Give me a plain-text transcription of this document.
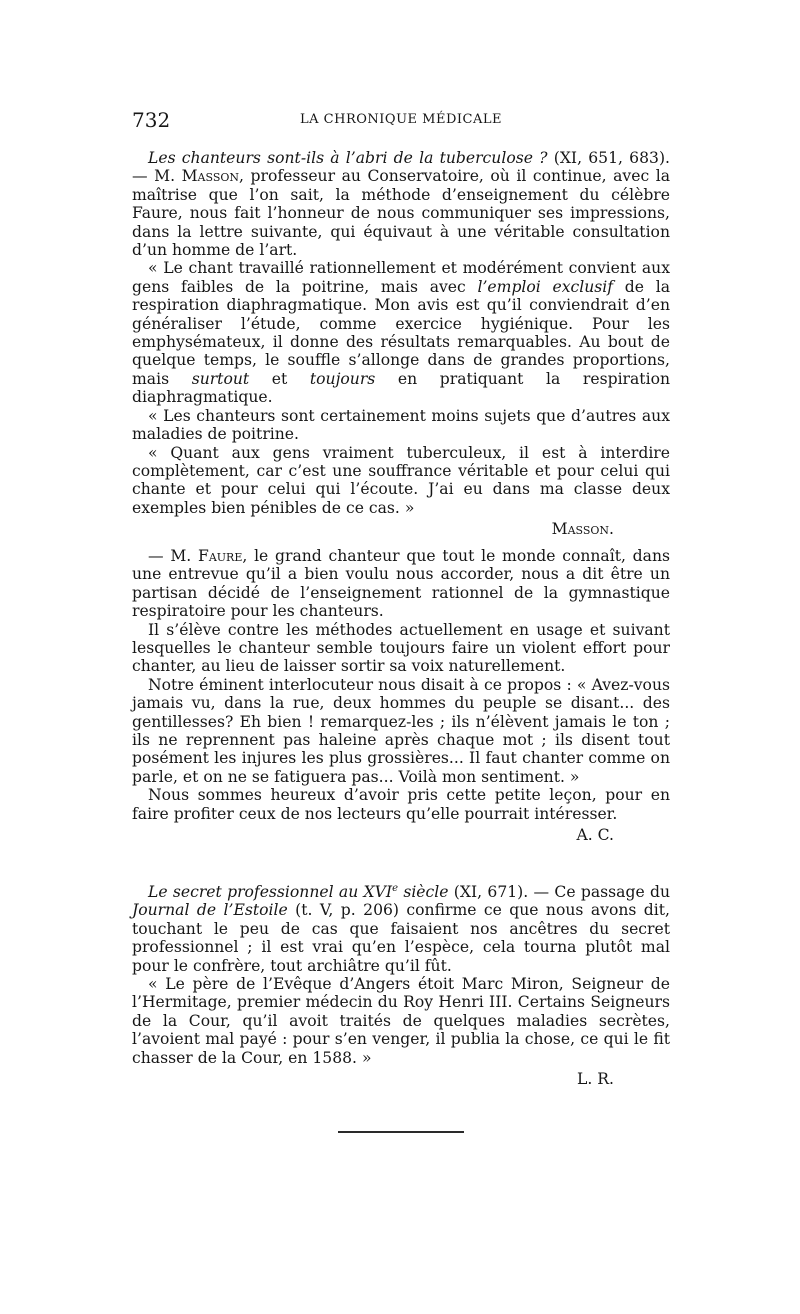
732	LA CHRONIQUE MÉDICALE

Les chanteurs sont-ils à l’abri de la tuberculose ? (XI, 651, 683). — M. Masson, professeur au Conservatoire, où il continue, avec la maîtrise que l’on sait, la méthode d’enseignement du célèbre Faure, nous fait l’honneur de nous communiquer ses impressions, dans la lettre suivante, qui équivaut à une véritable consultation d’un homme de l’art.

« Le chant travaillé rationnellement et modérément convient aux gens faibles de la poitrine, mais avec l’emploi exclusif de la respiration diaphragmatique. Mon avis est qu’il conviendrait d’en généraliser l’étude, comme exercice hygiénique. Pour les emphysémateux, il donne des résultats remarquables. Au bout de quelque temps, le souffle s’allonge dans de grandes proportions, mais surtout et toujours en pratiquant la respiration diaphragmatique.

« Les chanteurs sont certainement moins sujets que d’autres aux maladies de poitrine.

« Quant aux gens vraiment tuberculeux, il est à interdire complètement, car c’est une souffrance véritable et pour celui qui chante et pour celui qui l’écoute. J’ai eu dans ma classe deux exemples bien pénibles de ce cas. »

Masson.

— M. Faure, le grand chanteur que tout le monde connaît, dans une entrevue qu’il a bien voulu nous accorder, nous a dit être un partisan décidé de l’enseignement rationnel de la gymnastique respiratoire pour les chanteurs.

Il s’élève contre les méthodes actuellement en usage et suivant lesquelles le chanteur semble toujours faire un violent effort pour chanter, au lieu de laisser sortir sa voix naturellement.

Notre éminent interlocuteur nous disait à ce propos : « Avez-vous jamais vu, dans la rue, deux hommes du peuple se disant... des gentillesses? Eh bien ! remarquez-les ; ils n’élèvent jamais le ton ; ils ne reprennent pas haleine après chaque mot ; ils disent tout posément les injures les plus grossières... Il faut chanter comme on parle, et on ne se fatiguera pas... Voilà mon sentiment. »

Nous sommes heureux d’avoir pris cette petite leçon, pour en faire profiter ceux de nos lecteurs qu’elle pourrait intéresser.

A. C.

Le secret professionnel au XVIe siècle (XI, 671). — Ce passage du Journal de l’Estoile (t. V, p. 206) confirme ce que nous avons dit, touchant le peu de cas que faisaient nos ancêtres du secret professionnel ; il est vrai qu’en l’espèce, cela tourna plutôt mal pour le confrère, tout archiâtre qu’il fût.

« Le père de l’Evêque d’Angers étoit Marc Miron, Seigneur de l’Hermitage, premier médecin du Roy Henri III. Certains Seigneurs de la Cour, qu’il avoit traités de quelques maladies secrètes, l’avoient mal payé : pour s’en venger, il publia la chose, ce qui le fit chasser de la Cour, en 1588. »

L. R.
